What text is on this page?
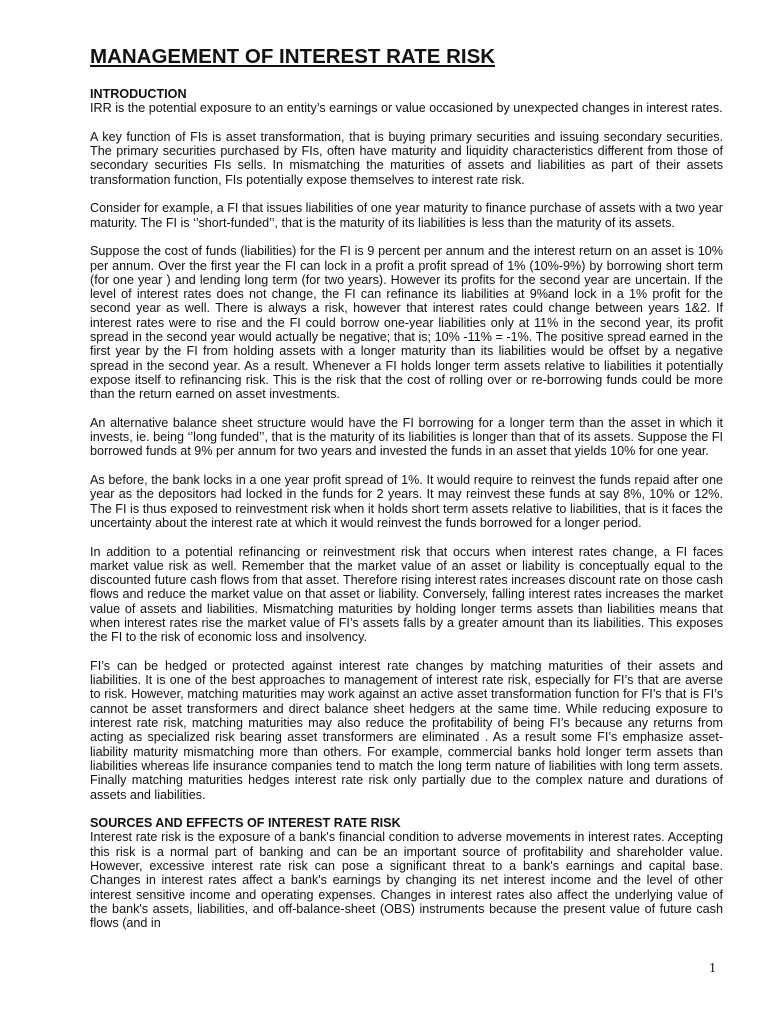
MANAGEMENT OF INTEREST RATE RISK
INTRODUCTION

IRR is the potential exposure to an entity’s earnings or value occasioned by unexpected changes in interest rates.

A key function of FIs is asset transformation, that is buying primary securities and issuing secondary securities. The primary securities purchased by FIs, often have maturity and liquidity characteristics different from those of secondary securities FIs sells. In mismatching the maturities of assets and liabilities as part of their assets transformation function, FIs potentially expose themselves to interest rate risk.

Consider for example, a FI that issues liabilities of one year maturity to finance purchase of assets with a two year maturity. The FI is ‘’short-funded’’, that is the maturity of its liabilities is less than the maturity of its assets.

Suppose the cost of funds (liabilities) for the FI is 9 percent per annum and the interest return on an asset is 10% per annum. Over the first year the FI can lock in a profit a profit spread of 1% (10%-9%) by borrowing short term (for one year ) and lending long term (for two years). However its profits for the second year are uncertain. If the level of interest rates does not change, the FI can refinance its liabilities at 9%and lock in a 1% profit for the second year as well. There is always a risk, however that interest rates could change between years 1&2. If interest rates were to rise and the FI could borrow one-year liabilities only at 11% in the second year, its profit spread in the second year would actually be negative; that is; 10% -11% = -1%. The positive spread earned in the first year by the FI from holding assets with a longer maturity than its liabilities would be offset by a negative spread in the second year. As a result. Whenever a FI holds longer term assets relative to liabilities it potentially expose itself to refinancing risk. This is the risk that the cost of rolling over or re-borrowing funds could be more than the return earned on asset investments.

An alternative balance sheet structure would have the FI borrowing for a longer term than the asset in which it invests, ie. being ‘’long funded’’, that is the maturity of its liabilities is longer than that of its assets. Suppose the FI borrowed funds at 9% per annum for two years and invested the funds in an asset that yields 10% for one year.

As before, the bank locks in a one year profit spread of 1%. It would require to reinvest the funds repaid after one year as the depositors had locked in the funds for 2 years. It may reinvest these funds at say 8%, 10% or 12%. The FI is thus exposed to reinvestment risk when it holds short term assets relative to liabilities, that is it faces the uncertainty about the interest rate at which it would reinvest the funds borrowed for a longer period.

In addition to a potential refinancing or reinvestment risk that occurs when interest rates change, a FI faces market value risk as well. Remember that the market value of an asset or liability is conceptually equal to the discounted future cash flows from that asset. Therefore rising interest rates increases discount rate on those cash flows and reduce the market value on that asset or liability. Conversely, falling interest rates increases the market value of assets and liabilities. Mismatching maturities by holding longer terms assets than liabilities means that when interest rates rise the market value of FI’s assets falls by a greater amount than its liabilities. This exposes the FI to the risk of economic loss and insolvency.

FI’s can be hedged or protected against interest rate changes by matching maturities of their assets and liabilities. It is one of the best approaches to management of interest rate risk, especially for FI’s that are averse to risk. However, matching maturities may work against an active asset transformation function for FI’s that is FI’s cannot be asset transformers and direct balance sheet hedgers at the same time. While reducing exposure to interest rate risk, matching maturities may also reduce the profitability of being FI’s because any returns from acting as specialized risk bearing asset transformers are eliminated . As a result some FI’s emphasize asset-liability maturity mismatching more than others. For example, commercial banks hold longer term assets than liabilities whereas life insurance companies tend to match the long term nature of liabilities with long term assets. Finally matching maturities hedges interest rate risk only partially due to the complex nature and durations of assets and liabilities.

SOURCES AND EFFECTS OF INTEREST RATE RISK

Interest rate risk is the exposure of a bank's financial condition to adverse movements in interest rates. Accepting this risk is a normal part of banking and can be an important source of profitability and shareholder value. However, excessive interest rate risk can pose a significant threat to a bank's earnings and capital base. Changes in interest rates affect a bank's earnings by changing its net interest income and the level of other interest sensitive income and operating expenses. Changes in interest rates also affect the underlying value of the bank's assets, liabilities, and off-balance-sheet (OBS) instruments because the present value of future cash flows (and in

1
